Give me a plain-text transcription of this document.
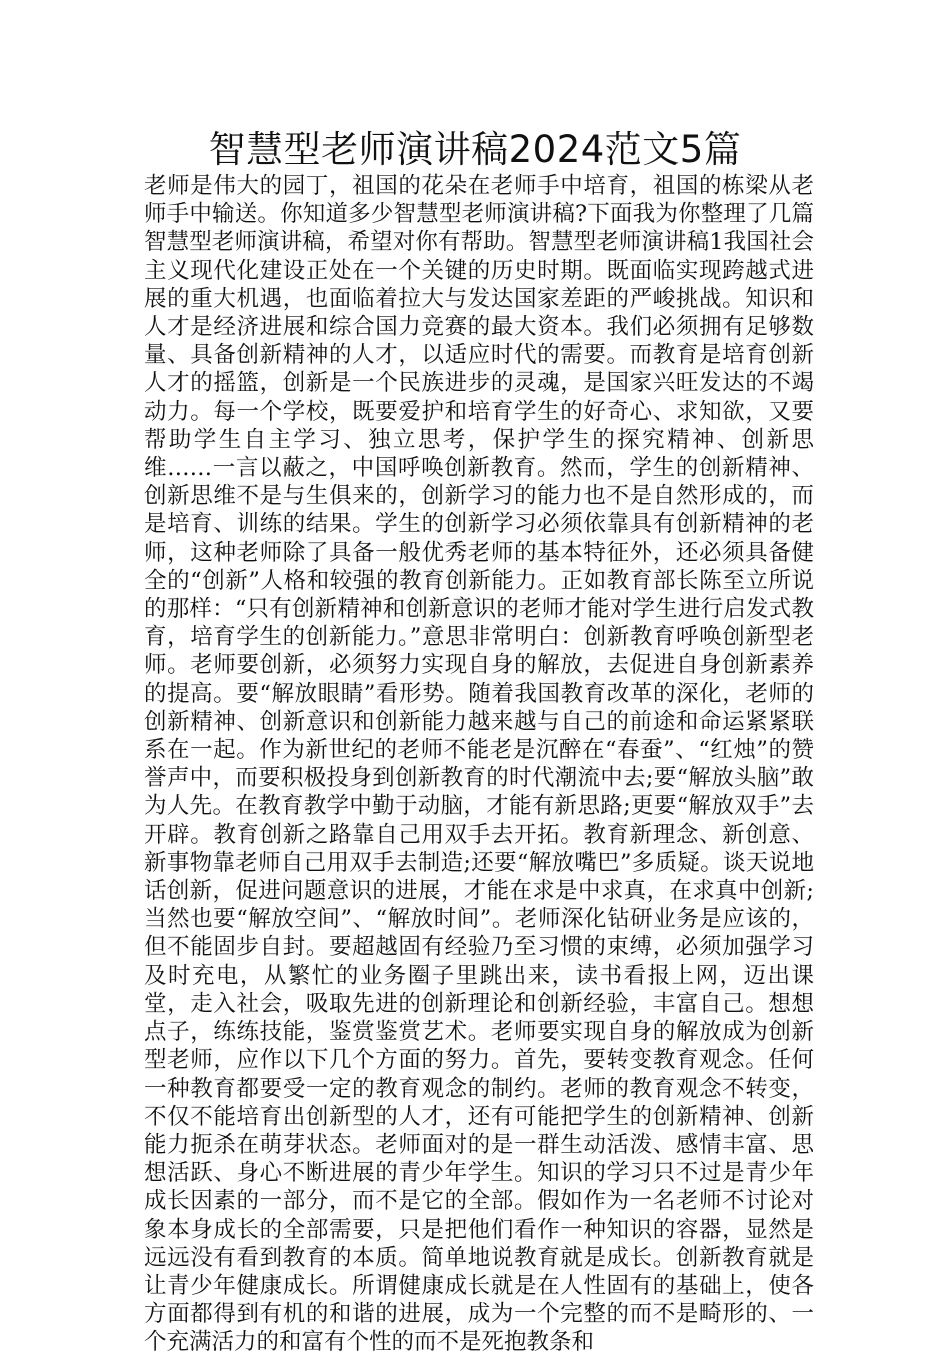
智慧型老师演讲稿2024范文5篇

老师是伟大的园丁，祖国的花朵在老师手中培育，祖国的栋梁从老师手中输送。你知道多少智慧型老师演讲稿?下面我为你整理了几篇智慧型老师演讲稿，希望对你有帮助。智慧型老师演讲稿1我国社会主义现代化建设正处在一个关键的历史时期。既面临实现跨越式进展的重大机遇，也面临着拉大与发达国家差距的严峻挑战。知识和人才是经济进展和综合国力竞赛的最大资本。我们必须拥有足够数量、具备创新精神的人才，以适应时代的需要。而教育是培育创新人才的摇篮，创新是一个民族进步的灵魂，是国家兴旺发达的不竭动力。每一个学校，既要爱护和培育学生的好奇心、求知欲，又要帮助学生自主学习、独立思考，保护学生的探究精神、创新思维……一言以蔽之，中国呼唤创新教育。然而，学生的创新精神、创新思维不是与生俱来的，创新学习的能力也不是自然形成的，而是培育、训练的结果。学生的创新学习必须依靠具有创新精神的老师，这种老师除了具备一般优秀老师的基本特征外，还必须具备健全的“创新”人格和较强的教育创新能力。正如教育部长陈至立所说的那样：“只有创新精神和创新意识的老师才能对学生进行启发式教育，培育学生的创新能力。”意思非常明白：创新教育呼唤创新型老师。老师要创新，必须努力实现自身的解放，去促进自身创新素养的提高。要“解放眼睛”看形势。随着我国教育改革的深化，老师的创新精神、创新意识和创新能力越来越与自己的前途和命运紧紧联系在一起。作为新世纪的老师不能老是沉醉在“春蚕”、“红烛”的赞誉声中，而要积极投身到创新教育的时代潮流中去;要“解放头脑”敢为人先。在教育教学中勤于动脑，才能有新思路;更要“解放双手”去开辟。教育创新之路靠自己用双手去开拓。教育新理念、新创意、新事物靠老师自己用双手去制造;还要“解放嘴巴”多质疑。谈天说地话创新，促进问题意识的进展，才能在求是中求真，在求真中创新;当然也要“解放空间”、“解放时间”。老师深化钻研业务是应该的，但不能固步自封。要超越固有经验乃至习惯的束缚，必须加强学习及时充电，从繁忙的业务圈子里跳出来，读书看报上网，迈出课堂，走入社会，吸取先进的创新理论和创新经验，丰富自己。想想点子，练练技能，鉴赏鉴赏艺术。老师要实现自身的解放成为创新型老师，应作以下几个方面的努力。首先，要转变教育观念。任何一种教育都要受一定的教育观念的制约。老师的教育观念不转变，不仅不能培育出创新型的人才，还有可能把学生的创新精神、创新能力扼杀在萌芽状态。老师面对的是一群生动活泼、感情丰富、思想活跃、身心不断进展的青少年学生。知识的学习只不过是青少年成长因素的一部分，而不是它的全部。假如作为一名老师不讨论对象本身成长的全部需要，只是把他们看作一种知识的容器，显然是远远没有看到教育的本质。简单地说教育就是成长。创新教育就是让青少年健康成长。所谓健康成长就是在人性固有的基础上，使各方面都得到有机的和谐的进展，成为一个完整的而不是畸形的、一个充满活力的和富有个性的而不是死抱教条和
